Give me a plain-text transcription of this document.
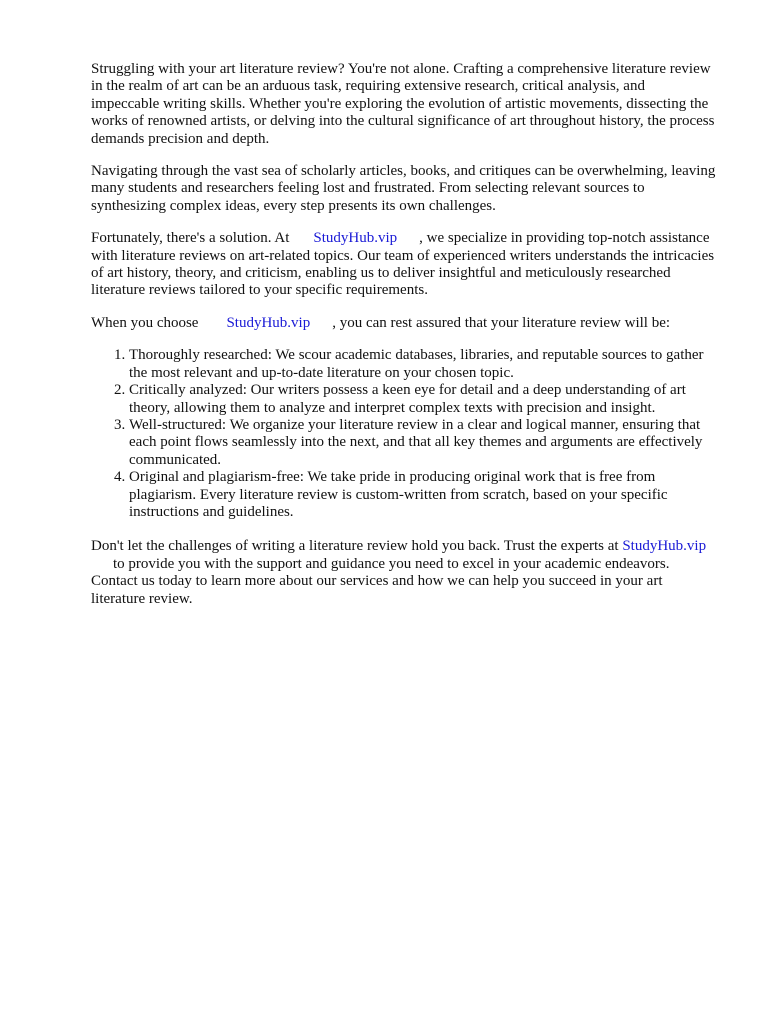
Struggling with your art literature review? You're not alone. Crafting a comprehensive literature review in the realm of art can be an arduous task, requiring extensive research, critical analysis, and impeccable writing skills. Whether you're exploring the evolution of artistic movements, dissecting the works of renowned artists, or delving into the cultural significance of art throughout history, the process demands precision and depth.

Navigating through the vast sea of scholarly articles, books, and critiques can be overwhelming, leaving many students and researchers feeling lost and frustrated. From selecting relevant sources to synthesizing complex ideas, every step presents its own challenges.

Fortunately, there's a solution. At StudyHub.vip , we specialize in providing top-notch assistance with literature reviews on art-related topics. Our team of experienced writers understands the intricacies of art history, theory, and criticism, enabling us to deliver insightful and meticulously researched literature reviews tailored to your specific requirements.

When you choose StudyHub.vip , you can rest assured that your literature review will be:

1. Thoroughly researched: We scour academic databases, libraries, and reputable sources to gather the most relevant and up-to-date literature on your chosen topic.
2. Critically analyzed: Our writers possess a keen eye for detail and a deep understanding of art theory, allowing them to analyze and interpret complex texts with precision and insight.
3. Well-structured: We organize your literature review in a clear and logical manner, ensuring that each point flows seamlessly into the next, and that all key themes and arguments are effectively communicated.
4. Original and plagiarism-free: We take pride in producing original work that is free from plagiarism. Every literature review is custom-written from scratch, based on your specific instructions and guidelines.

Don't let the challenges of writing a literature review hold you back. Trust the experts at StudyHub.vipto provide you with the support and guidance you need to excel in your academic endeavors. Contact us today to learn more about our services and how we can help you succeed in your art literature review.
